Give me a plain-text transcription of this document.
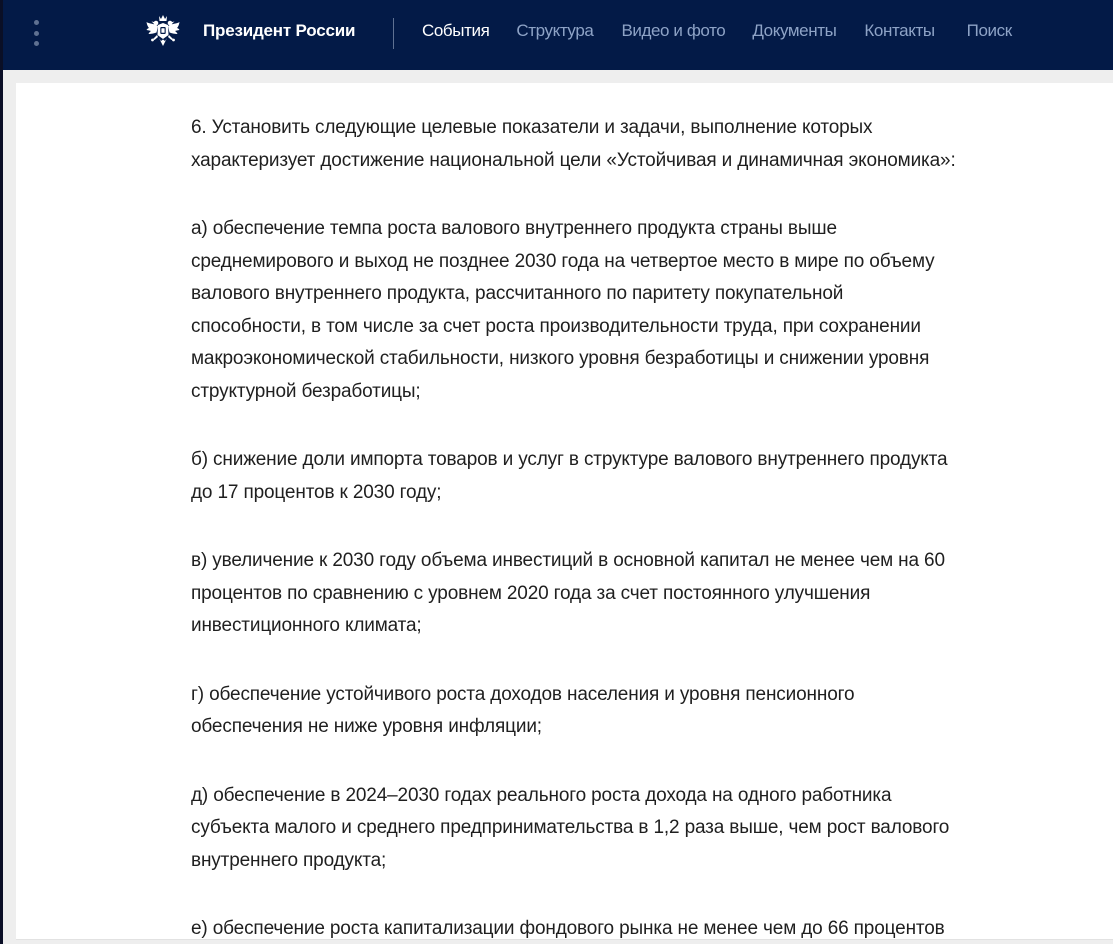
Президент России	События Структура Видео и фото Документы Контакты Поиск

6. Установить следующие целевые показатели и задачи, выполнение которых
характеризует достижение национальной цели «Устойчивая и динамичная экономика»:

а) обеспечение темпа роста валового внутреннего продукта страны выше
среднемирового и выход не позднее 2030 года на четвертое место в мире по объему
валового внутреннего продукта, рассчитанного по паритету покупательной
способности, в том числе за счет роста производительности труда, при сохранении
макроэкономической стабильности, низкого уровня безработицы и снижении уровня
структурной безработицы;

б) снижение доли импорта товаров и услуг в структуре валового внутреннего продукта
до 17 процентов к 2030 году;

в) увеличение к 2030 году объема инвестиций в основной капитал не менее чем на 60
процентов по сравнению с уровнем 2020 года за счет постоянного улучшения
инвестиционного климата;

г) обеспечение устойчивого роста доходов населения и уровня пенсионного
обеспечения не ниже уровня инфляции;

д) обеспечение в 2024–2030 годах реального роста дохода на одного работника
субъекта малого и среднего предпринимательства в 1,2 раза выше, чем рост валового
внутреннего продукта;

е) обеспечение роста капитализации фондового рынка не менее чем до 66 процентов
